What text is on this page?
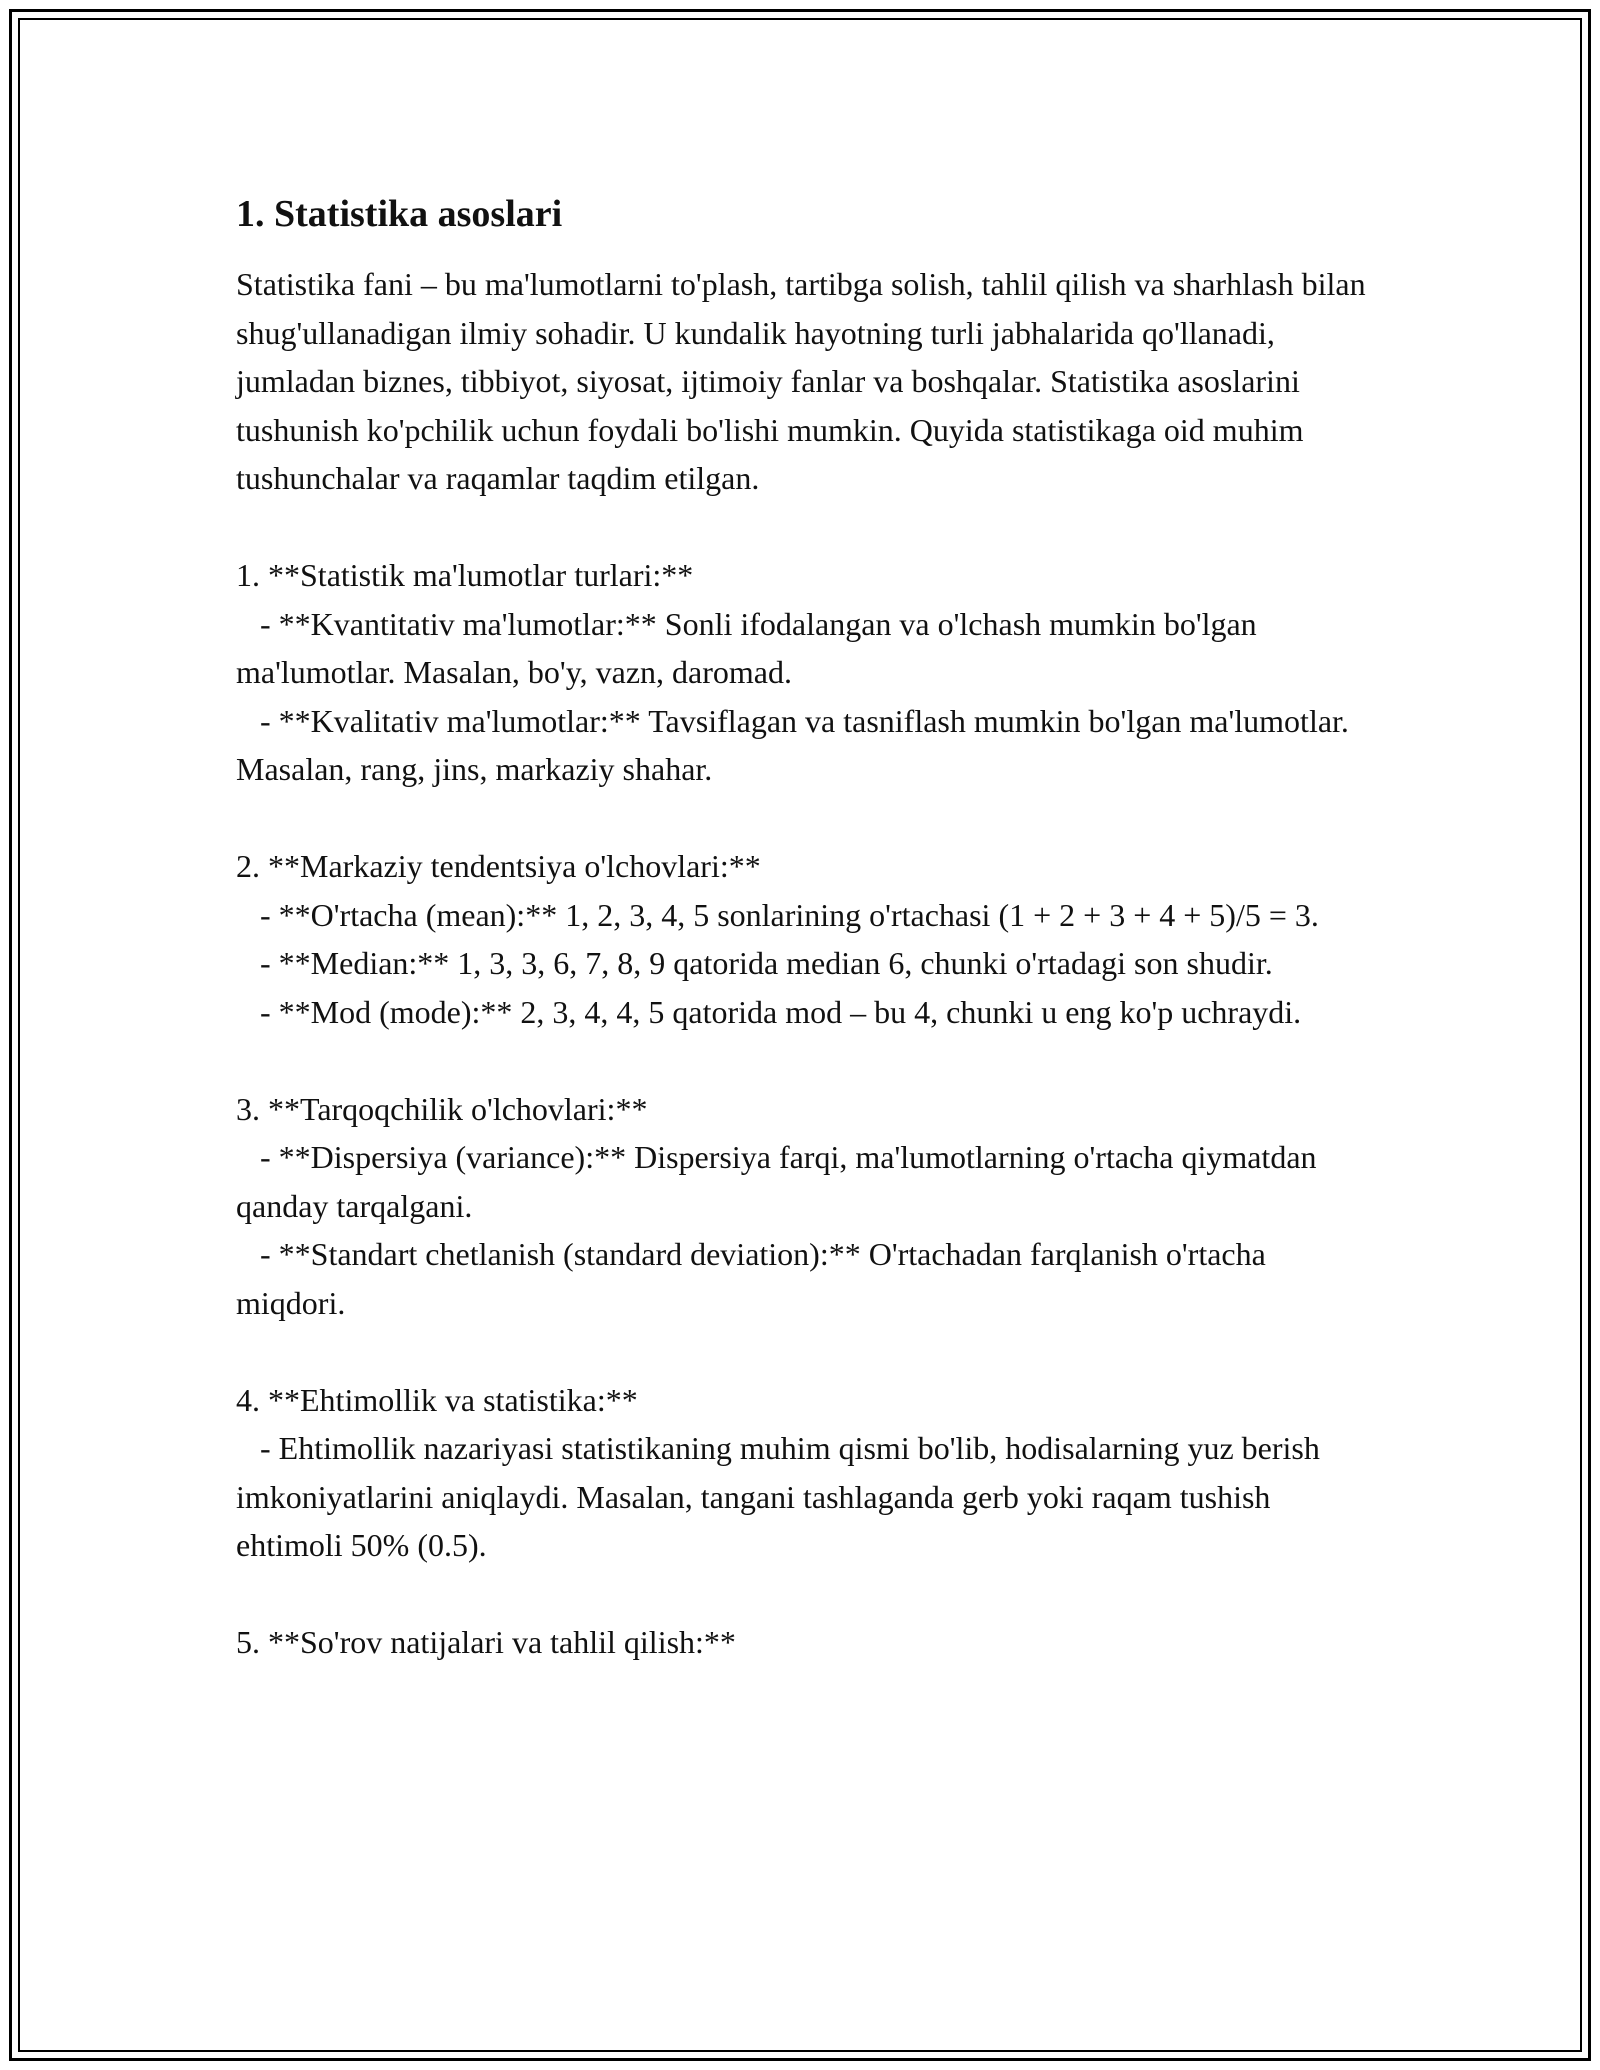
1. Statistika asoslari

Statistika fani – bu ma'lumotlarni to'plash, tartibga solish, tahlil qilish va sharhlash bilan shug'ullanadigan ilmiy sohadir. U kundalik hayotning turli jabhalarida qo'llanadi, jumladan biznes, tibbiyot, siyosat, ijtimoiy fanlar va boshqalar. Statistika asoslarini tushunish ko'pchilik uchun foydali bo'lishi mumkin. Quyida statistikaga oid muhim tushunchalar va raqamlar taqdim etilgan.

1. **Statistik ma'lumotlar turlari:**

- **Kvantitativ ma'lumotlar:** Sonli ifodalangan va o'lchash mumkin bo'lgan ma'lumotlar. Masalan, bo'y, vazn, daromad.

- **Kvalitativ ma'lumotlar:** Tavsiflagan va tasniflash mumkin bo'lgan ma'lumotlar. Masalan, rang, jins, markaziy shahar.

2. **Markaziy tendentsiya o'lchovlari:**

- **O'rtacha (mean):** 1, 2, 3, 4, 5 sonlarining o'rtachasi (1 + 2 + 3 + 4 + 5)/5 = 3.

- **Median:** 1, 3, 3, 6, 7, 8, 9 qatorida median 6, chunki o'rtadagi son shudir.

- **Mod (mode):** 2, 3, 4, 4, 5 qatorida mod – bu 4, chunki u eng ko'p uchraydi.

3. **Tarqoqchilik o'lchovlari:**

- **Dispersiya (variance):** Dispersiya farqi, ma'lumotlarning o'rtacha qiymatdan qanday tarqalgani.

- **Standart chetlanish (standard deviation):** O'rtachadan farqlanish o'rtacha miqdori.

4. **Ehtimollik va statistika:**

- Ehtimollik nazariyasi statistikaning muhim qismi bo'lib, hodisalarning yuz berish imkoniyatlarini aniqlaydi. Masalan, tangani tashlaganda gerb yoki raqam tushish ehtimoli 50% (0.5).

5. **So'rov natijalari va tahlil qilish:**
